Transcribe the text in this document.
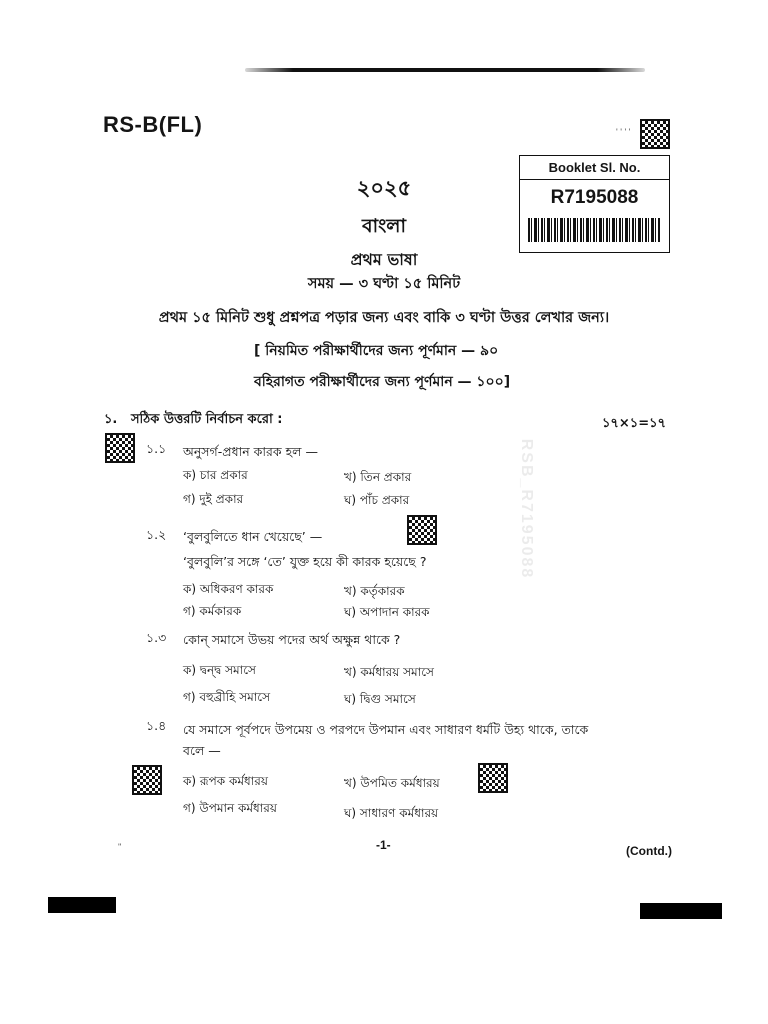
RS-B(FL)	' ' ' '
Booklet Sl. No.
R7195088
RSB_R7195088
২০২৫
বাংলা
প্রথম ভাষা
সময় — ৩ ঘণ্টা ১৫ মিনিট
প্রথম ১৫ মিনিট শুধু প্রশ্নপত্র পড়ার জন্য এবং বাকি ৩ ঘণ্টা উত্তর লেখার জন্য।
[ নিয়মিত পরীক্ষার্থীদের জন্য পূর্ণমান — ৯০
বহিরাগত পরীক্ষার্থীদের জন্য পূর্ণমান — ১০০]
১. সঠিক উত্তরটি নির্বাচন করো :	১৭×১=১৭
১.১ অনুসর্গ-প্রধান কারক হল —
ক) চার প্রকার	খ) তিন প্রকার
গ) দুই প্রকার	ঘ) পাঁচ প্রকার
১.২ ‘বুলবুলিতে ধান খেয়েছে’ —
‘বুলবুলি’র সঙ্গে ‘তে’ যুক্ত হয়ে কী কারক হয়েছে ?
ক) অধিকরণ কারক	খ) কর্তৃকারক
গ) কর্মকারক	ঘ) অপাদান কারক
১.৩ কোন্ সমাসে উভয় পদের অর্থ অক্ষুন্ন থাকে ?
ক) দ্বন্দ্ব সমাসে	খ) কর্মধারয় সমাসে
গ) বহুব্রীহি সমাসে	ঘ) দ্বিগু সমাসে
১.৪ যে সমাসে পূর্বপদে উপমেয় ও পরপদে উপমান এবং সাধারণ ধর্মটি উহ্য থাকে, তাকে
বলে —
ক) রূপক কর্মধারয়	খ) উপমিত কর্মধারয়
গ) উপমান কর্মধারয়	ঘ) সাধারণ কর্মধারয়
''	-1-	(Contd.)
